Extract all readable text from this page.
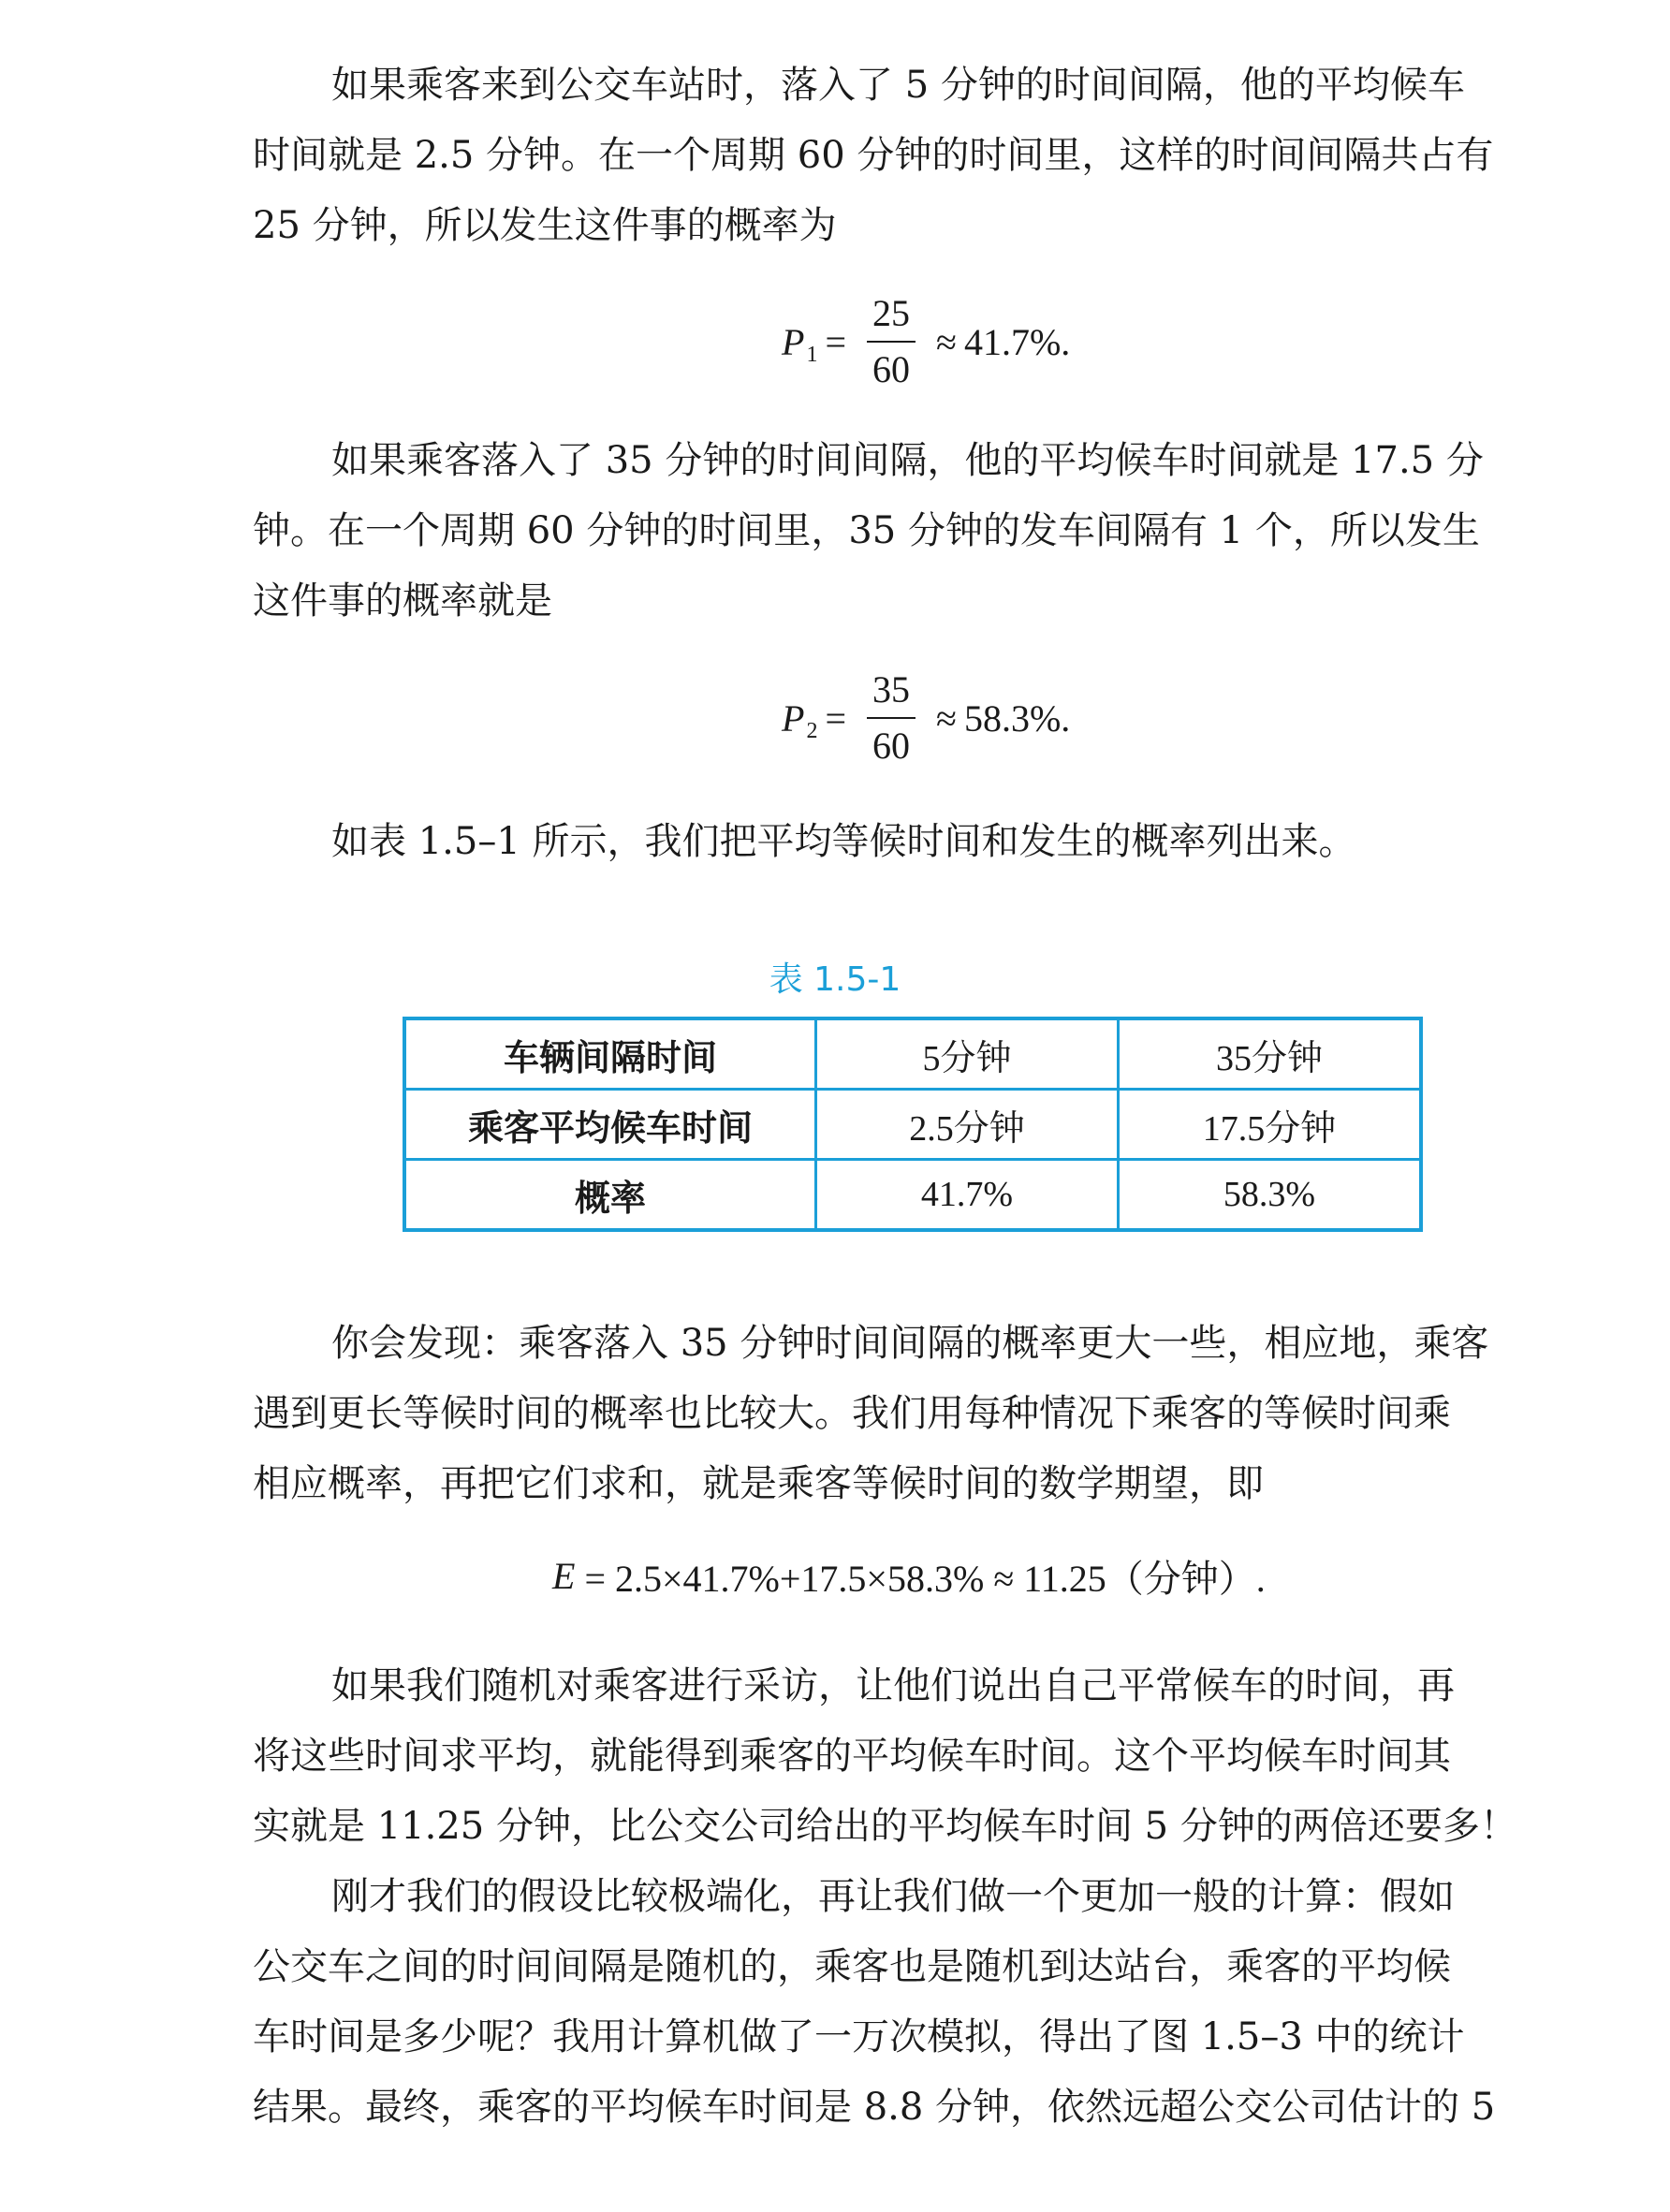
如果乘客来到公交车站时，落入了 5 分钟的时间间隔，他的平均候车
时间就是 2.5 分钟。在一个周期 60 分钟的时间里，这样的时间间隔共占有
25 分钟，所以发生这件事的概率为
P $1 = \frac{25}{60} \approx 41.7\%$.
如果乘客落入了 35 分钟的时间间隔，他的平均候车时间就是 17.5 分
钟。在一个周期 60 分钟的时间里，35 分钟的发车间隔有 1 个，所以发生
这件事的概率就是
P $2 = \frac{35}{60} \approx 58.3\%$.
如表 1.5–1 所示，我们把平均等候时间和发生的概率列出来。
表 1.5-1
车辆间隔时间	5分钟	35分钟
乘客平均候车时间	2.5分钟	17.5分钟
概率	41.7%	58.3%
你会发现：乘客落入 35 分钟时间间隔的概率更大一些，相应地，乘客
遇到更长等候时间的概率也比较大。我们用每种情况下乘客的等候时间乘
相应概率，再把它们求和，就是乘客等候时间的数学期望，即
E = 2.5×41.7%+17.5×58.3% ≈ 11.25（分钟）.
如果我们随机对乘客进行采访，让他们说出自己平常候车的时间，再
将这些时间求平均，就能得到乘客的平均候车时间。这个平均候车时间其
实就是 11.25 分钟，比公交公司给出的平均候车时间 5 分钟的两倍还要多！
刚才我们的假设比较极端化，再让我们做一个更加一般的计算：假如
公交车之间的时间间隔是随机的，乘客也是随机到达站台，乘客的平均候
车时间是多少呢？我用计算机做了一万次模拟，得出了图 1.5–3 中的统计
结果。最终，乘客的平均候车时间是 8.8 分钟，依然远超公交公司估计的 5
